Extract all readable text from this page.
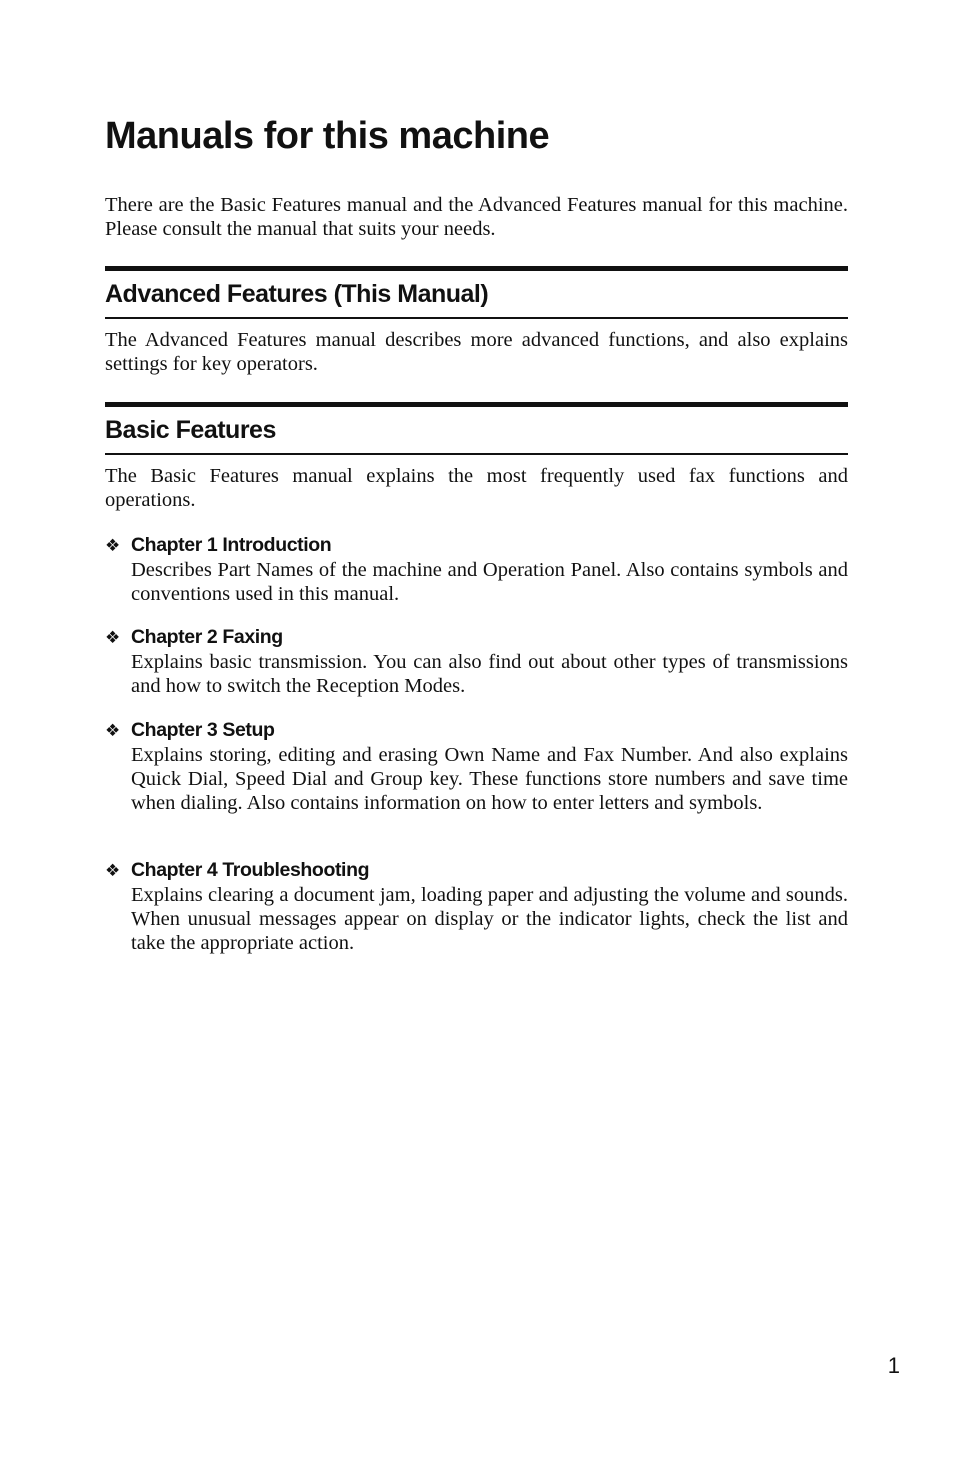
Manuals for this machine

There are the Basic Features manual and the Advanced Features manual for this machine. Please consult the manual that suits your needs.

Advanced Features (This Manual)

The Advanced Features manual describes more advanced functions, and also explains settings for key operators.

Basic Features

The Basic Features manual explains the most frequently used fax functions and operations.

❖ Chapter 1 Introduction

Describes Part Names of the machine and Operation Panel. Also contains symbols and conventions used in this manual.

❖ Chapter 2 Faxing

Explains basic transmission. You can also find out about other types of transmissions and how to switch the Reception Modes.

❖ Chapter 3 Setup

Explains storing, editing and erasing Own Name and Fax Number. And also explains Quick Dial, Speed Dial and Group key. These functions store numbers and save time when dialing. Also contains information on how to enter letters and symbols.

❖ Chapter 4 Troubleshooting

Explains clearing a document jam, loading paper and adjusting the volume and sounds. When unusual messages appear on display or the indicator lights, check the list and take the appropriate action.

1
